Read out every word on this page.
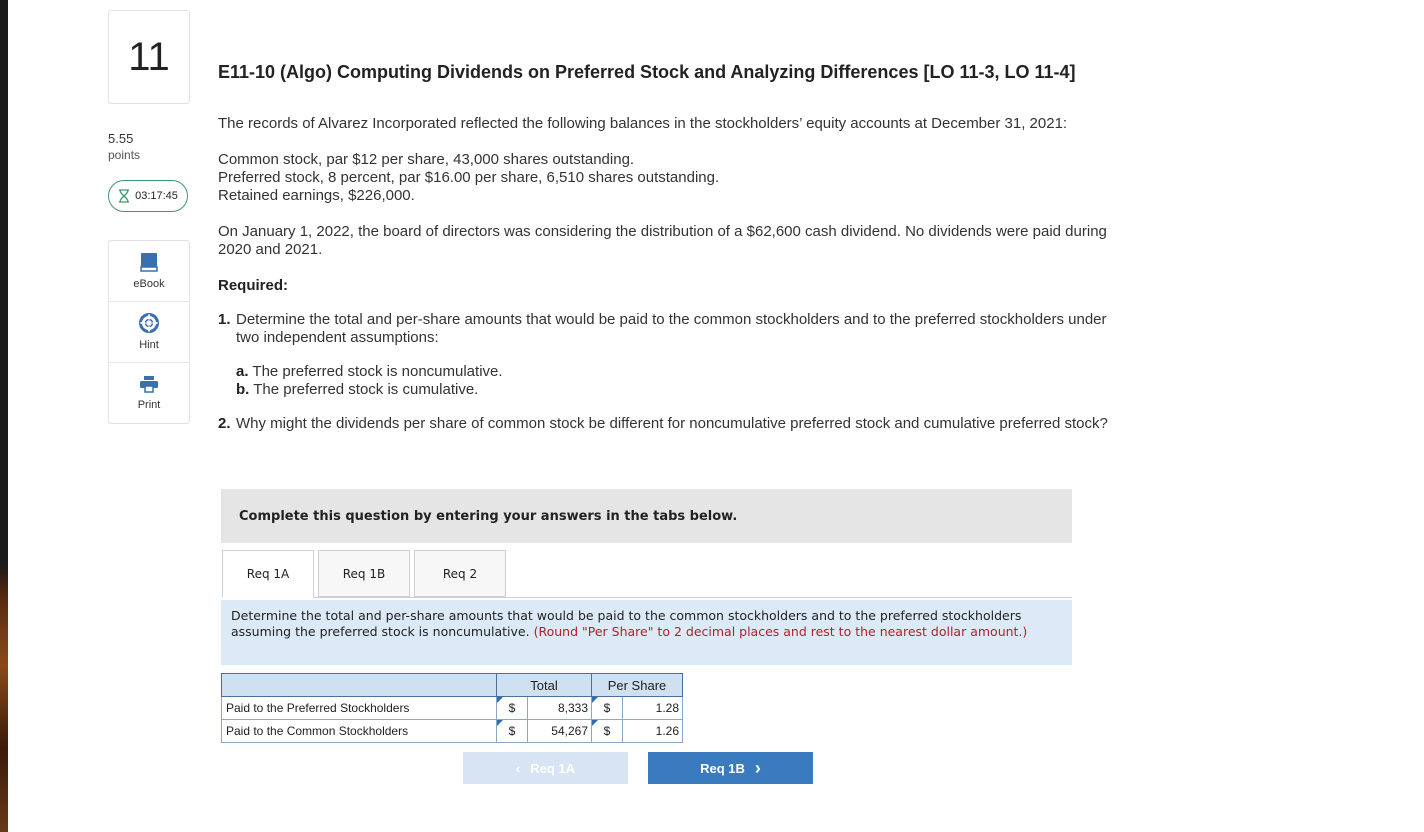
11
5.55
points
03:17:45
eBook
Hint
Print
E11-10 (Algo) Computing Dividends on Preferred Stock and Analyzing Differences [LO 11-3, LO 11-4]
The records of Alvarez Incorporated reflected the following balances in the stockholders’ equity accounts at December 31, 2021:
Common stock, par $12 per share, 43,000 shares outstanding.
Preferred stock, 8 percent, par $16.00 per share, 6,510 shares outstanding.
Retained earnings, $226,000.
On January 1, 2022, the board of directors was considering the distribution of a $62,600 cash dividend. No dividends were paid during 2020 and 2021.
Required:
1. Determine the total and per-share amounts that would be paid to the common stockholders and to the preferred stockholders under two independent assumptions:
a. The preferred stock is noncumulative.
b. The preferred stock is cumulative.
2. Why might the dividends per share of common stock be different for noncumulative preferred stock and cumulative preferred stock?
Complete this question by entering your answers in the tabs below.
Req 1A	Req 1B	Req 2
Determine the total and per-share amounts that would be paid to the common stockholders and to the preferred stockholders assuming the preferred stock is noncumulative. (Round "Per Share" to 2 decimal places and rest to the nearest dollar amount.)
	Total		Per Share	
Paid to the Preferred Stockholders	$	8,333	$	1.28
Paid to the Common Stockholders	$	54,267	$	1.26
‹ Req 1A	Req 1B ›
